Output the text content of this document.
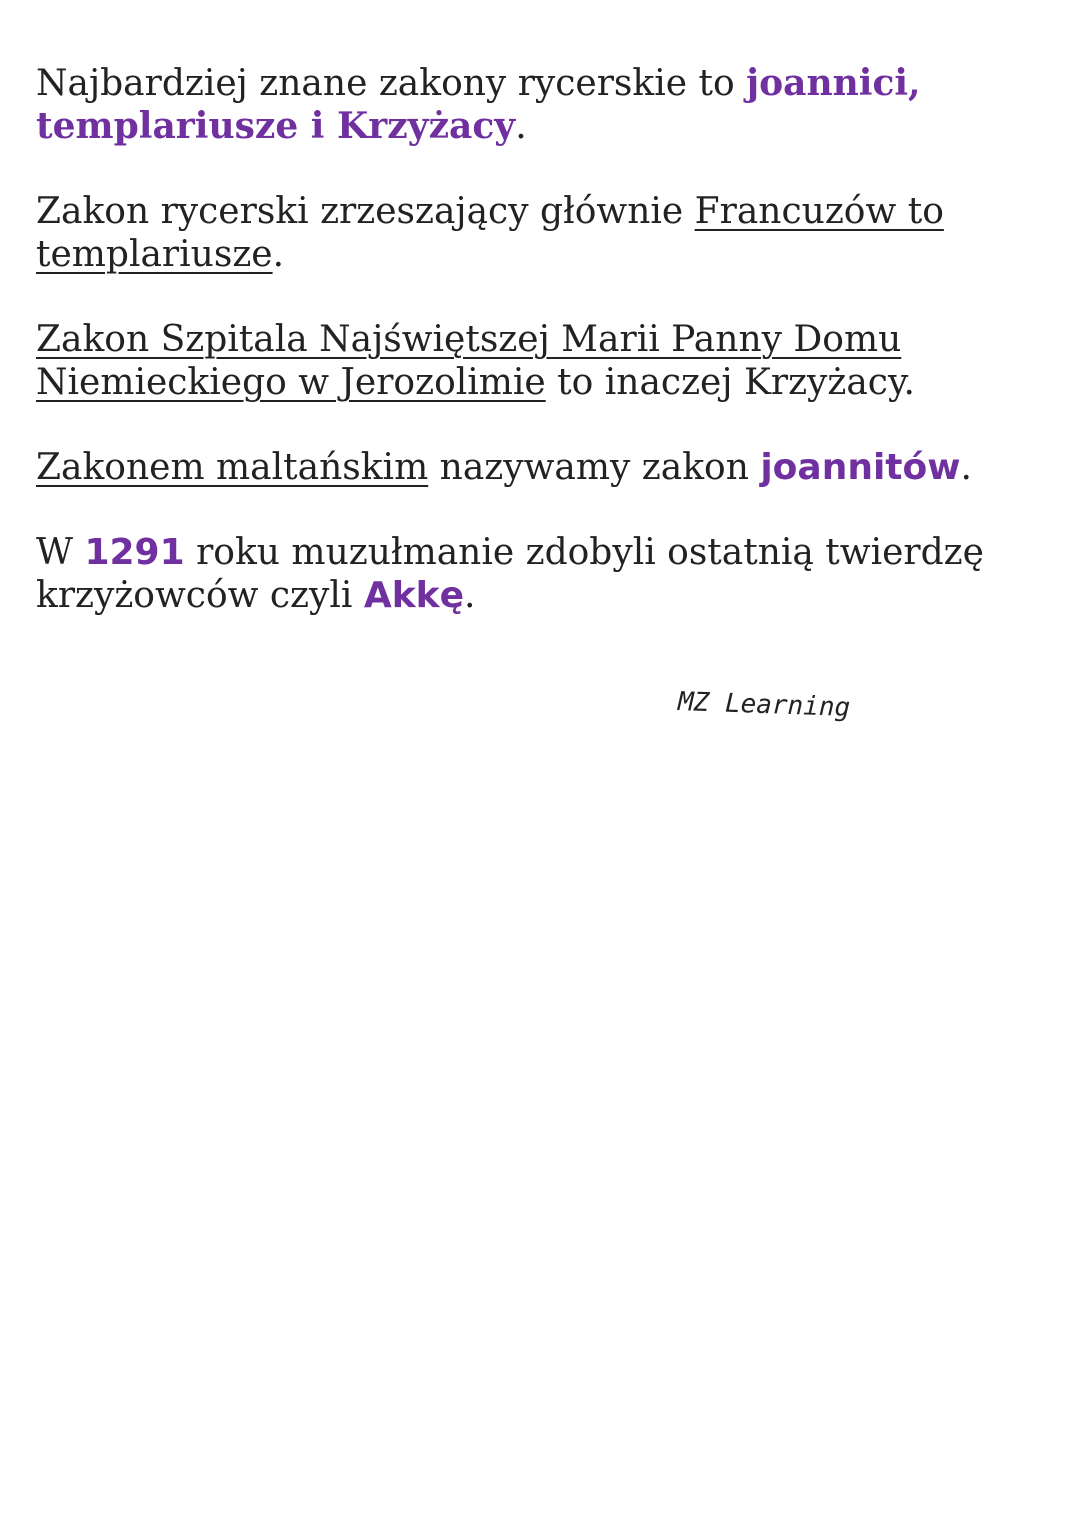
Najbardziej znane zakony rycerskie to joannici,
templariusze i Krzyżacy.

Zakon rycerski zrzeszający głównie Francuzów to templariusze.

Zakon Szpitala Najświętszej Marii Panny Domu Niemieckiego w Jerozolimie to inaczej Krzyżacy.

Zakonem maltańskim nazywamy zakon joannitów.

W 1291 roku muzułmanie zdobyli ostatnią twierdzę krzyżowców czyli Akkę.

MZ Learning
